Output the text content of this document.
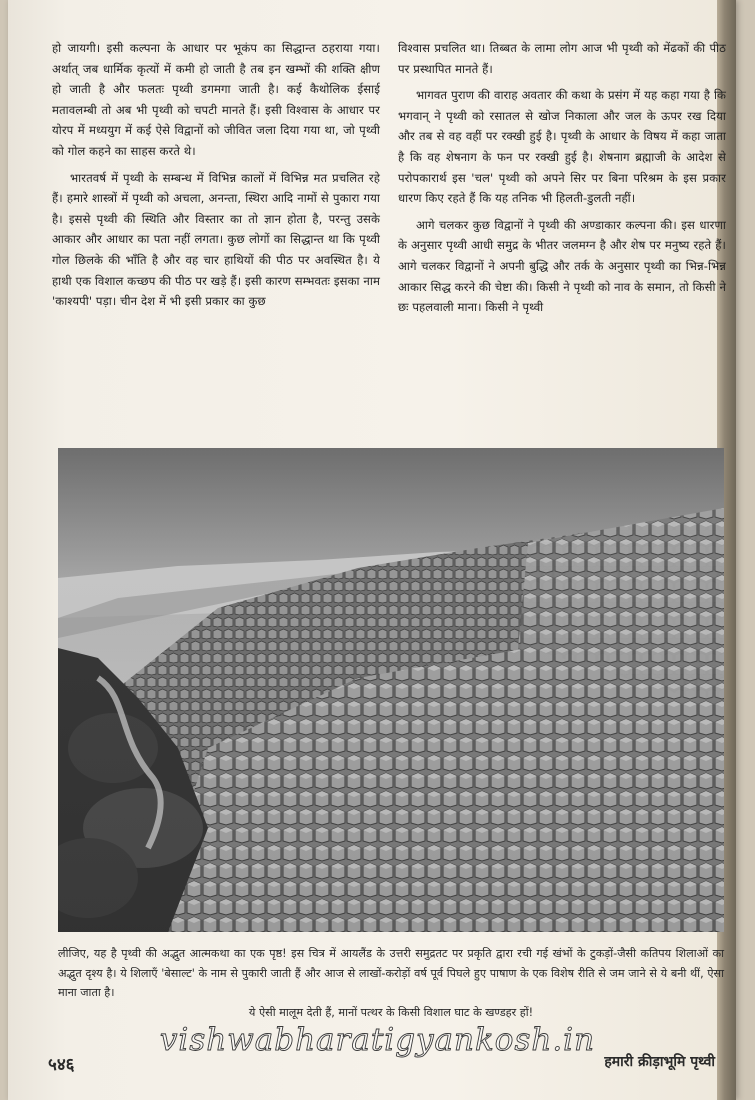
हो जायगी। इसी कल्पना के आधार पर भूकंप का सिद्धान्त ठहराया गया। अर्थात् जब धार्मिक कृत्यों में कमी हो जाती है तब इन खम्भों की शक्ति क्षीण हो जाती है और फलतः पृथ्वी डगमगा जाती है। कई कैथोलिक ईसाई मतावलम्बी तो अब भी पृथ्वी को चपटी मानते हैं। इसी विश्वास के आधार पर योरप में मध्ययुग में कई ऐसे विद्वानों को जीवित जला दिया गया था, जो पृथ्वी को गोल कहने का साहस करते थे।

भारतवर्ष में पृथ्वी के सम्बन्ध में विभिन्न कालों में विभिन्न मत प्रचलित रहे हैं। हमारे शास्त्रों में पृथ्वी को अचला, अनन्ता, स्थिरा आदि नामों से पुकारा गया है। इससे पृथ्वी की स्थिति और विस्तार का तो ज्ञान होता है, परन्तु उसके आकार और आधार का पता नहीं लगता। कुछ लोगों का सिद्धान्त था कि पृथ्वी गोल छिलके की भाँति है और वह चार हाथियों की पीठ पर अवस्थित है। ये हाथी एक विशाल कच्छप की पीठ पर खड़े हैं। इसी कारण सम्भवतः इसका नाम 'काश्यपी' पड़ा। चीन देश में भी इसी प्रकार का कुछ

विश्वास प्रचलित था। तिब्बत के लामा लोग आज भी पृथ्वी को मेंढकों की पीठ पर प्रस्थापित मानते हैं।

भागवत पुराण की वाराह अवतार की कथा के प्रसंग में यह कहा गया है कि भगवान् ने पृथ्वी को रसातल से खोज निकाला और जल के ऊपर रख दिया और तब से वह वहीं पर रक्खी हुई है। पृथ्वी के आधार के विषय में कहा जाता है कि वह शेषनाग के फन पर रक्खी हुई है। शेषनाग ब्रह्माजी के आदेश से परोपकारार्थ इस 'चल' पृथ्वी को अपने सिर पर बिना परिश्रम के इस प्रकार धारण किए रहते हैं कि यह तनिक भी हिलती-डुलती नहीं।

आगे चलकर कुछ विद्वानों ने पृथ्वी की अण्डाकार कल्पना की। इस धारणा के अनुसार पृथ्वी आधी समुद्र के भीतर जलमग्न है और शेष पर मनुष्य रहते हैं। आगे चलकर विद्वानों ने अपनी बुद्धि और तर्क के अनुसार पृथ्वी का भिन्न-भिन्न आकार सिद्ध करने की चेष्टा की। किसी ने पृथ्वी को नाव के समान, तो किसी ने छः पहलवाली माना। किसी ने पृथ्वी

लीजिए, यह है पृथ्वी की अद्भुत आत्मकथा का एक पृष्ठ! इस चित्र में आयलैंड के उत्तरी समुद्रतट पर प्रकृति द्वारा रची गई खंभों के टुकड़ों-जैसी कतिपय शिलाओं का अद्भुत दृश्य है। ये शिलाएँ 'बेसाल्ट' के नाम से पुकारी जाती हैं और आज से लाखों-करोड़ों वर्ष पूर्व पिघले हुए पाषाण के एक विशेष रीति से जम जाने से ये बनी थीं, ऐसा माना जाता है।
ये ऐसी मालूम देती हैं, मानों पत्थर के किसी विशाल घाट के खण्डहर हों!
vishwabharatigyankosh.in
५४६	हमारी क्रीड़ाभूमि पृथ्वी
